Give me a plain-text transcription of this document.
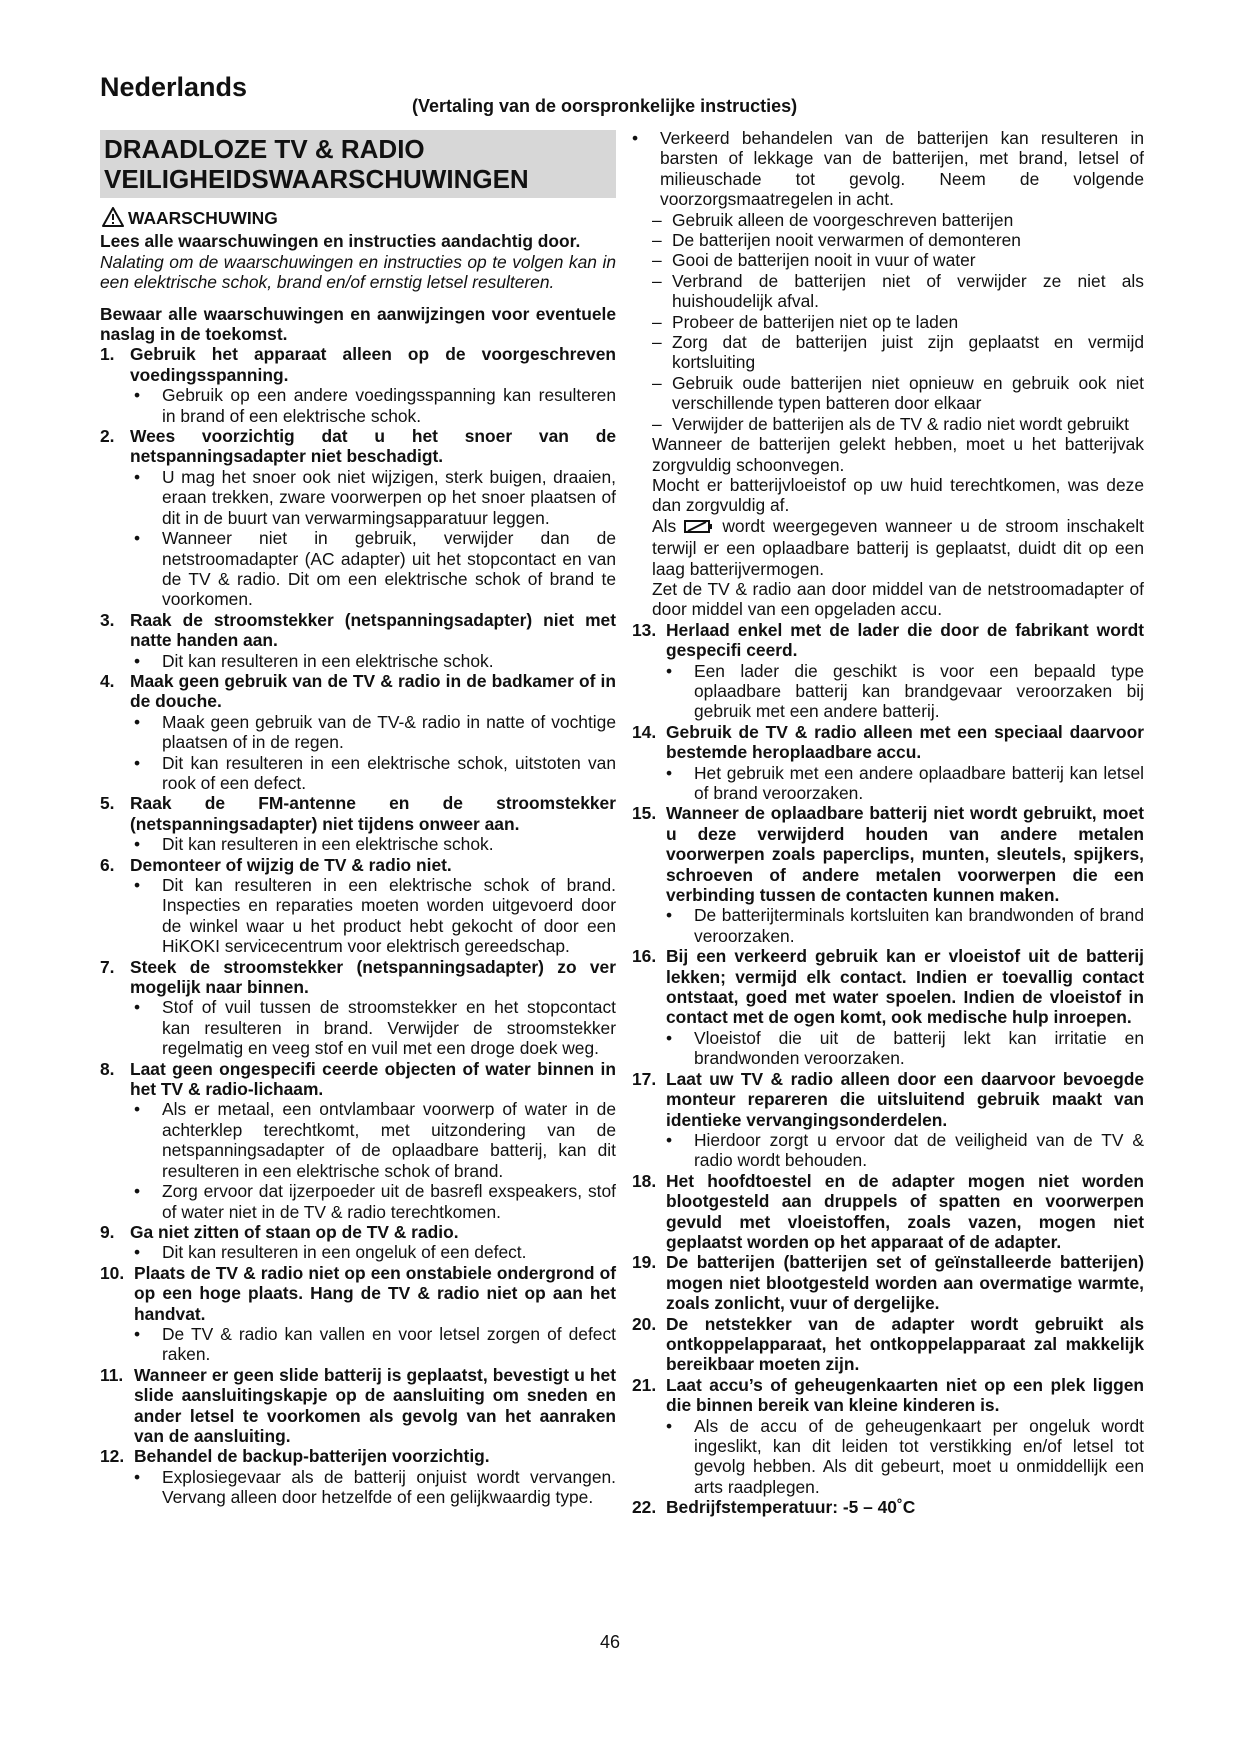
Nederlands
(Vertaling van de oorspronkelijke instructies)
DRAADLOZE TV & RADIO
VEILIGHEIDSWAARSCHUWINGEN
WAARSCHUWING
Lees alle waarschuwingen en instructies aandachtig door.
Nalating om de waarschuwingen en instructies op te volgen kan in een elektrische schok, brand en/of ernstig letsel resulteren.
Bewaar alle waarschuwingen en aanwijzingen voor eventuele naslag in de toekomst.
1. Gebruik het apparaat alleen op de voorgeschreven voedingsspanning.
• Gebruik op een andere voedingsspanning kan resulteren in brand of een elektrische schok.
2. Wees voorzichtig dat u het snoer van de netspanningsadapter niet beschadigt.
• U mag het snoer ook niet wijzigen, sterk buigen, draaien, eraan trekken, zware voorwerpen op het snoer plaatsen of dit in de buurt van verwarmingsapparatuur leggen.
• Wanneer niet in gebruik, verwijder dan de netstroomadapter (AC adapter) uit het stopcontact en van de TV & radio. Dit om een elektrische schok of brand te voorkomen.
3. Raak de stroomstekker (netspanningsadapter) niet met natte handen aan.
• Dit kan resulteren in een elektrische schok.
4. Maak geen gebruik van de TV & radio in de badkamer of in de douche.
• Maak geen gebruik van de TV-& radio in natte of vochtige plaatsen of in de regen.
• Dit kan resulteren in een elektrische schok, uitstoten van rook of een defect.
5. Raak de FM-antenne en de stroomstekker (netspanningsadapter) niet tijdens onweer aan.
• Dit kan resulteren in een elektrische schok.
6. Demonteer of wijzig de TV & radio niet.
• Dit kan resulteren in een elektrische schok of brand. Inspecties en reparaties moeten worden uitgevoerd door de winkel waar u het product hebt gekocht of door een HiKOKI servicecentrum voor elektrisch gereedschap.
7. Steek de stroomstekker (netspanningsadapter) zo ver mogelijk naar binnen.
• Stof of vuil tussen de stroomstekker en het stopcontact kan resulteren in brand. Verwijder de stroomstekker regelmatig en veeg stof en vuil met een droge doek weg.
8. Laat geen ongespecifi ceerde objecten of water binnen in het TV & radio-lichaam.
• Als er metaal, een ontvlambaar voorwerp of water in de achterklep terechtkomt, met uitzondering van de netspanningsadapter of de oplaadbare batterij, kan dit resulteren in een elektrische schok of brand.
• Zorg ervoor dat ijzerpoeder uit de basrefl exspeakers, stof of water niet in de TV & radio terechtkomen.
9. Ga niet zitten of staan op de TV & radio.
• Dit kan resulteren in een ongeluk of een defect.
10. Plaats de TV & radio niet op een onstabiele ondergrond of op een hoge plaats. Hang de TV & radio niet op aan het handvat.
• De TV & radio kan vallen en voor letsel zorgen of defect raken.
11. Wanneer er geen slide batterij is geplaatst, bevestigt u het slide aansluitingskapje op de aansluiting om sneden en ander letsel te voorkomen als gevolg van het aanraken van de aansluiting.
12. Behandel de backup-batterijen voorzichtig.
• Explosiegevaar als de batterij onjuist wordt vervangen. Vervang alleen door hetzelfde of een gelijkwaardig type.
• Verkeerd behandelen van de batterijen kan resulteren in barsten of lekkage van de batterijen, met brand, letsel of milieuschade tot gevolg. Neem de volgende voorzorgsmaatregelen in acht.
– Gebruik alleen de voorgeschreven batterijen
– De batterijen nooit verwarmen of demonteren
– Gooi de batterijen nooit in vuur of water
– Verbrand de batterijen niet of verwijder ze niet als huishoudelijk afval.
– Probeer de batterijen niet op te laden
– Zorg dat de batterijen juist zijn geplaatst en vermijd kortsluiting
– Gebruik oude batterijen niet opnieuw en gebruik ook niet verschillende typen batteren door elkaar
– Verwijder de batterijen als de TV & radio niet wordt gebruikt
Wanneer de batterijen gelekt hebben, moet u het batterijvak zorgvuldig schoonvegen.
Mocht er batterijvloeistof op uw huid terechtkomen, was deze dan zorgvuldig af.
Als	wordt weergegeven wanneer u de stroom inschakelt terwijl er een oplaadbare batterij is geplaatst, duidt dit op een laag batterijvermogen.
Zet de TV & radio aan door middel van de netstroomadapter of door middel van een opgeladen accu.
13. Herlaad enkel met de lader die door de fabrikant wordt gespecifi ceerd.
• Een lader die geschikt is voor een bepaald type oplaadbare batterij kan brandgevaar veroorzaken bij gebruik met een andere batterij.
14. Gebruik de TV & radio alleen met een speciaal daarvoor bestemde heroplaadbare accu.
• Het gebruik met een andere oplaadbare batterij kan letsel of brand veroorzaken.
15. Wanneer de oplaadbare batterij niet wordt gebruikt, moet u deze verwijderd houden van andere metalen voorwerpen zoals paperclips, munten, sleutels, spijkers, schroeven of andere metalen voorwerpen die een verbinding tussen de contacten kunnen maken.
• De batterijterminals kortsluiten kan brandwonden of brand veroorzaken.
16. Bij een verkeerd gebruik kan er vloeistof uit de batterij lekken; vermijd elk contact. Indien er toevallig contact ontstaat, goed met water spoelen. Indien de vloeistof in contact met de ogen komt, ook medische hulp inroepen.
• Vloeistof die uit de batterij lekt kan irritatie en brandwonden veroorzaken.
17. Laat uw TV & radio alleen door een daarvoor bevoegde monteur repareren die uitsluitend gebruik maakt van identieke vervangingsonderdelen.
• Hierdoor zorgt u ervoor dat de veiligheid van de TV & radio wordt behouden.
18. Het hoofdtoestel en de adapter mogen niet worden blootgesteld aan druppels of spatten en voorwerpen gevuld met vloeistoffen, zoals vazen, mogen niet geplaatst worden op het apparaat of de adapter.
19. De batterijen (batterijen set of geïnstalleerde batterijen) mogen niet blootgesteld worden aan overmatige warmte, zoals zonlicht, vuur of dergelijke.
20. De netstekker van de adapter wordt gebruikt als ontkoppelapparaat, het ontkoppelapparaat zal makkelijk bereikbaar moeten zijn.
21. Laat accu’s of geheugenkaarten niet op een plek liggen die binnen bereik van kleine kinderen is.
• Als de accu of de geheugenkaart per ongeluk wordt ingeslikt, kan dit leiden tot verstikking en/of letsel tot gevolg hebben. Als dit gebeurt, moet u onmiddellijk een arts raadplegen.
22. Bedrijfstemperatuur: -5 – 40˚C
46
